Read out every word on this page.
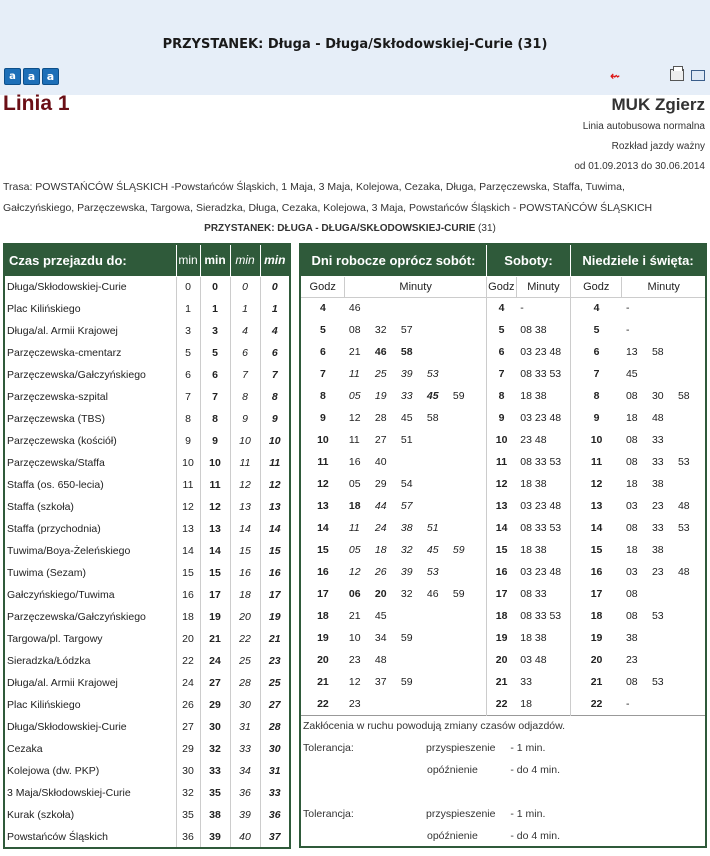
PRZYSTANEK: Długa - Długa/Skłodowskiej-Curie (31)
a	a	a	⇜
Linia 1	MUK Zgierz
Linia autobusowa normalna
Rozkład jazdy ważny
od 01.09.2013 do 30.06.2014
Trasa: POWSTAŃCÓW ŚLĄSKICH -Powstańców Śląskich, 1 Maja, 3 Maja, Kolejowa, Cezaka, Długa, Parzęczewska, Staffa, Tuwima,
Gałczyńskiego, Parzęczewska, Targowa, Sieradzka, Długa, Cezaka, Kolejowa, 3 Maja, Powstańców Śląskich - POWSTAŃCÓW ŚLĄSKICH
PRZYSTANEK: DŁUGA - DŁUGA/SKŁODOWSKIEJ-CURIE (31)
Czas przejazdu do:	min	min	min	min
Długa/Skłodowskiej-Curie	0	0	0	0
Plac Kilińskiego	1	1	1	1
Długa/al. Armii Krajowej	3	3	4	4
Parzęczewska-cmentarz	5	5	6	6
Parzęczewska/Gałczyńskiego	6	6	7	7
Parzęczewska-szpital	7	7	8	8
Parzęczewska (TBS)	8	8	9	9
Parzęczewska (kościół)	9	9	10	10
Parzęczewska/Staffa	10	10	11	11
Staffa (os. 650-lecia)	11	11	12	12
Staffa (szkoła)	12	12	13	13
Staffa (przychodnia)	13	13	14	14
Tuwima/Boya-Żeleńskiego	14	14	15	15
Tuwima (Sezam)	15	15	16	16
Gałczyńskiego/Tuwima	16	17	18	17
Parzęczewska/Gałczyńskiego	18	19	20	19
Targowa/pl. Targowy	20	21	22	21
Sieradzka/Łódzka	22	24	25	23
Długa/al. Armii Krajowej	24	27	28	25
Plac Kilińskiego	26	29	30	27
Długa/Skłodowskiej-Curie	27	30	31	28
Cezaka	29	32	33	30
Kolejowa (dw. PKP)	30	33	34	31
3 Maja/Skłodowskiej-Curie	32	35	36	33
Kurak (szkoła)	35	38	39	36
Powstańców Śląskich	36	39	40	37
Dni robocze oprócz sobót:		Soboty:		Niedziele i święta:	
Godz	Minuty	Godz	Minuty	Godz	Minuty
4	46	4	-	4	-
5	08 32 57	5	08 38	5	-
6	21 46 58	6	03 23 48	6	13 58
7	11 25 39 53	7	08 33 53	7	45
8	05 19 33 45 59	8	18 38	8	08 30 58
9	12 28 45 58	9	03 23 48	9	18 48
10	11 27 51	10	23 48	10	08 33
11	16 40	11	08 33 53	11	08 33 53
12	05 29 54	12	18 38	12	18 38
13	18 44 57	13	03 23 48	13	03 23 48
14	11 24 38 51	14	08 33 53	14	08 33 53
15	05 18 32 45 59	15	18 38	15	18 38
16	12 26 39 53	16	03 23 48	16	03 23 48
17	06 20 32 46 59	17	08 33	17	08
18	21 45	18	08 33 53	18	08 53
19	10 34 59	19	18 38	19	38
20	23 48	20	03 48	20	23
21	12 37 59	21	33	21	08 53
22	23	22	18	22	-
Zakłócenia w ruchu powodują zmiany czasów odjazdów.					
Tolerancja: przyspieszenie		- 1 min.			
opóźnienie		- do 4 min.			

Tolerancja: przyspieszenie		- 1 min.			
opóźnienie		- do 4 min.			
